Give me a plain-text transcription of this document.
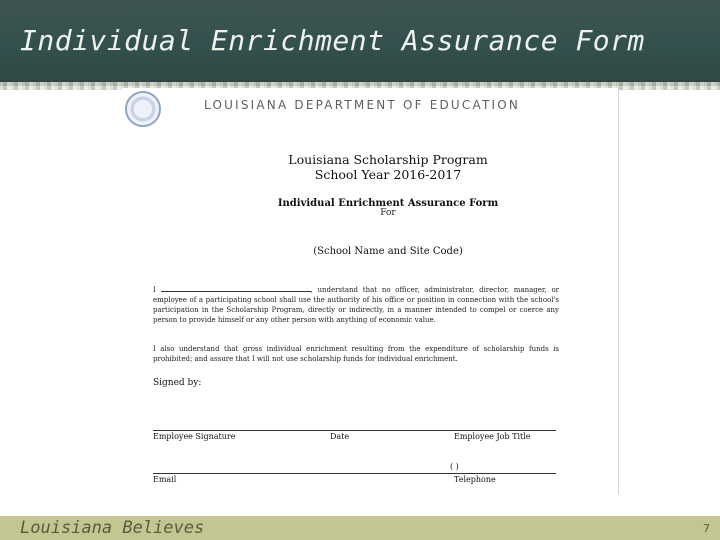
Individual Enrichment Assurance Form
LOUISIANA DEPARTMENT OF EDUCATION
Louisiana Scholarship Program
School Year 2016-2017
Individual Enrichment Assurance Form
For
(School Name and Site Code)
I	, understand that no officer, administrator, director, manager, or employee of a participating school shall use the authority of his office or position in connection with the school's participation in the Scholarship Program, directly or indirectly, in a manner intended to compel or coerce any person to provide himself or any other person with anything of economic value.
I also understand that gross individual enrichment resulting from the expenditure of scholarship funds is prohibited; and assure that I will not use scholarship funds for individual enrichment.
Signed by:
Employee Signature	Date	Employee Job Title
( )
Email	Telephone
Louisiana Believes	7
